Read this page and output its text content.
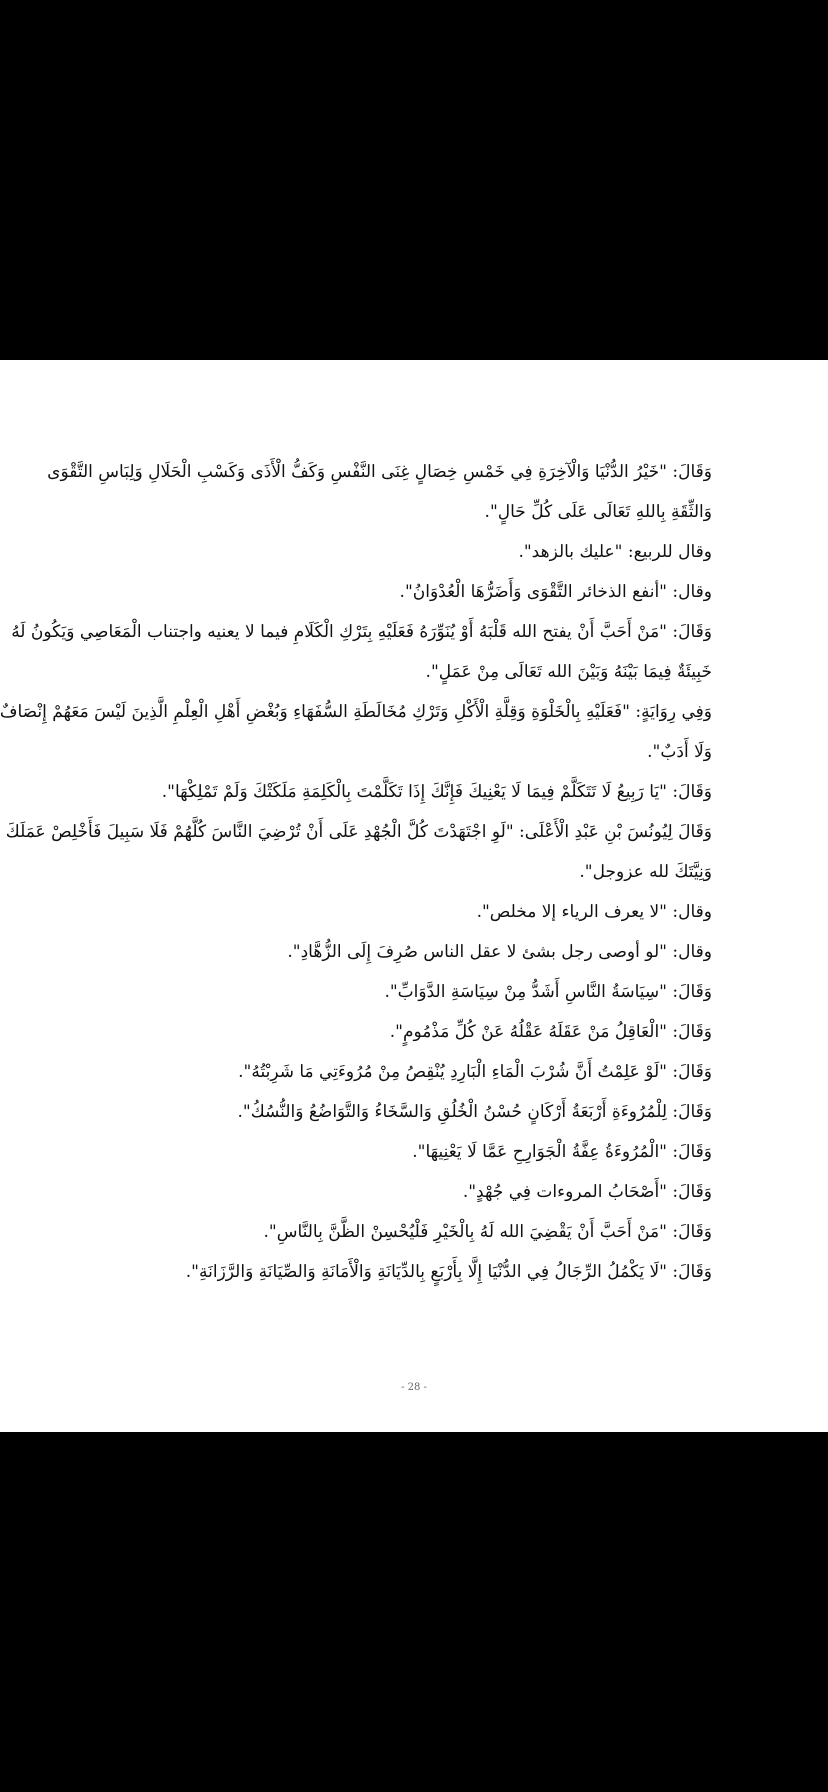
وَقَالَ: "خَيْرُ الدُّنْيَا وَالْآخِرَةِ فِي خَمْسِ خِصَالٍ غِنَى النَّفْسِ وَكَفُّ الْأَذَى وَكَسْبِ الْحَلَالِ وَلِبَاسِ التَّقْوَى
وَالثِّقَةِ بِاللهِ تَعَالَى عَلَى كُلِّ حَالٍ".
وقال للربيع: "عليك بالزهد".
وقال: "أنفع الذخائر التَّقْوَى وَأَضَرُّهَا الْعُدْوَانُ".
وَقَالَ: "مَنْ أَحَبَّ أَنْ يفتح الله قَلْبَهُ أَوْ يُنَوِّرَهُ فَعَلَيْهِ بِتَرْكِ الْكَلَامِ فيما لا يعنيه واجتناب الْمَعَاصِي وَيَكُونُ لَهُ
خَبِيئَةٌ فِيمَا بَيْنَهُ وَبَيْنَ الله تَعَالَى مِنْ عَمَلٍ".
وَفِي رِوَايَةٍ: "فَعَلَيْهِ بِالْخَلْوَةِ وَقِلَّةِ الْأَكْلِ وَتَرْكِ مُخَالَطَةِ السُّفَهَاءِ وَبُغْضِ أَهْلِ الْعِلْمِ الَّذِينَ لَيْسَ مَعَهُمْ إِنْصَافٌ
وَلَا أَدَبٌ".
وَقَالَ: "يَا رَبِيعُ لَا تَتَكَلَّمْ فِيمَا لَا يَعْنِيكَ فَإِنَّكَ إِذَا تَكَلَّمْتَ بِالْكَلِمَةِ مَلَكَتْكَ وَلَمْ تَمْلِكْهَا".
وَقَالَ لِيُونُسَ بْنِ عَبْدِ الْأَعْلَى: "لَوِ اجْتَهَدْتَ كُلَّ الْجُهْدِ عَلَى أَنْ تُرْضِيَ النَّاسَ كُلَّهُمْ فَلَا سَبِيلَ فَأَخْلِصْ عَمَلَكَ
وَنِيَّتَكَ لله عزوجل".
وقال: "لا يعرف الرياء إلا مخلص".
وقال: "لو أوصى رجل بشئ لا عقل الناس صُرِفَ إِلَى الزُّهَّادِ".
وَقَالَ: "سِيَاسَةُ النَّاسِ أَشَدُّ مِنْ سِيَاسَةِ الدَّوَابِّ".
وَقَالَ: "الْعَاقِلُ مَنْ عَقَلَهُ عَقْلُهُ عَنْ كُلِّ مَذْمُومٍ".
وَقَالَ: "لَوْ عَلِمْتُ أَنَّ شُرْبَ الْمَاءِ الْبَارِدِ يُنْقِصُ مِنْ مُرُوءَتِي مَا شَرِبْتُهُ".
وَقَالَ: لِلْمُرُوءَةِ أَرْبَعَةُ أَرْكَانٍ حُسْنُ الْخُلُقِ وَالسَّخَاءُ وَالتَّوَاضُعُ وَالنُّسُكُ".
وَقَالَ: "الْمُرُوءَةُ عِفَّةُ الْجَوَارِحِ عَمَّا لَا يَعْنِيهَا".
وَقَالَ: "أَصْحَابُ المروءات فِي جُهْدٍ".
وَقَالَ: "مَنْ أَحَبَّ أَنْ يَقْضِيَ الله لَهُ بِالْخَيْرِ فَلْيُحْسِنْ الظَّنَّ بِالنَّاسِ".
وَقَالَ: "لَا يَكْمُلُ الرِّجَالُ فِي الدُّنْيَا إِلَّا بِأَرْبَعٍ بِالدِّيَانَةِ وَالْأَمَانَةِ وَالصِّيَانَةِ وَالرَّزَانَةِ".
- 28 -
